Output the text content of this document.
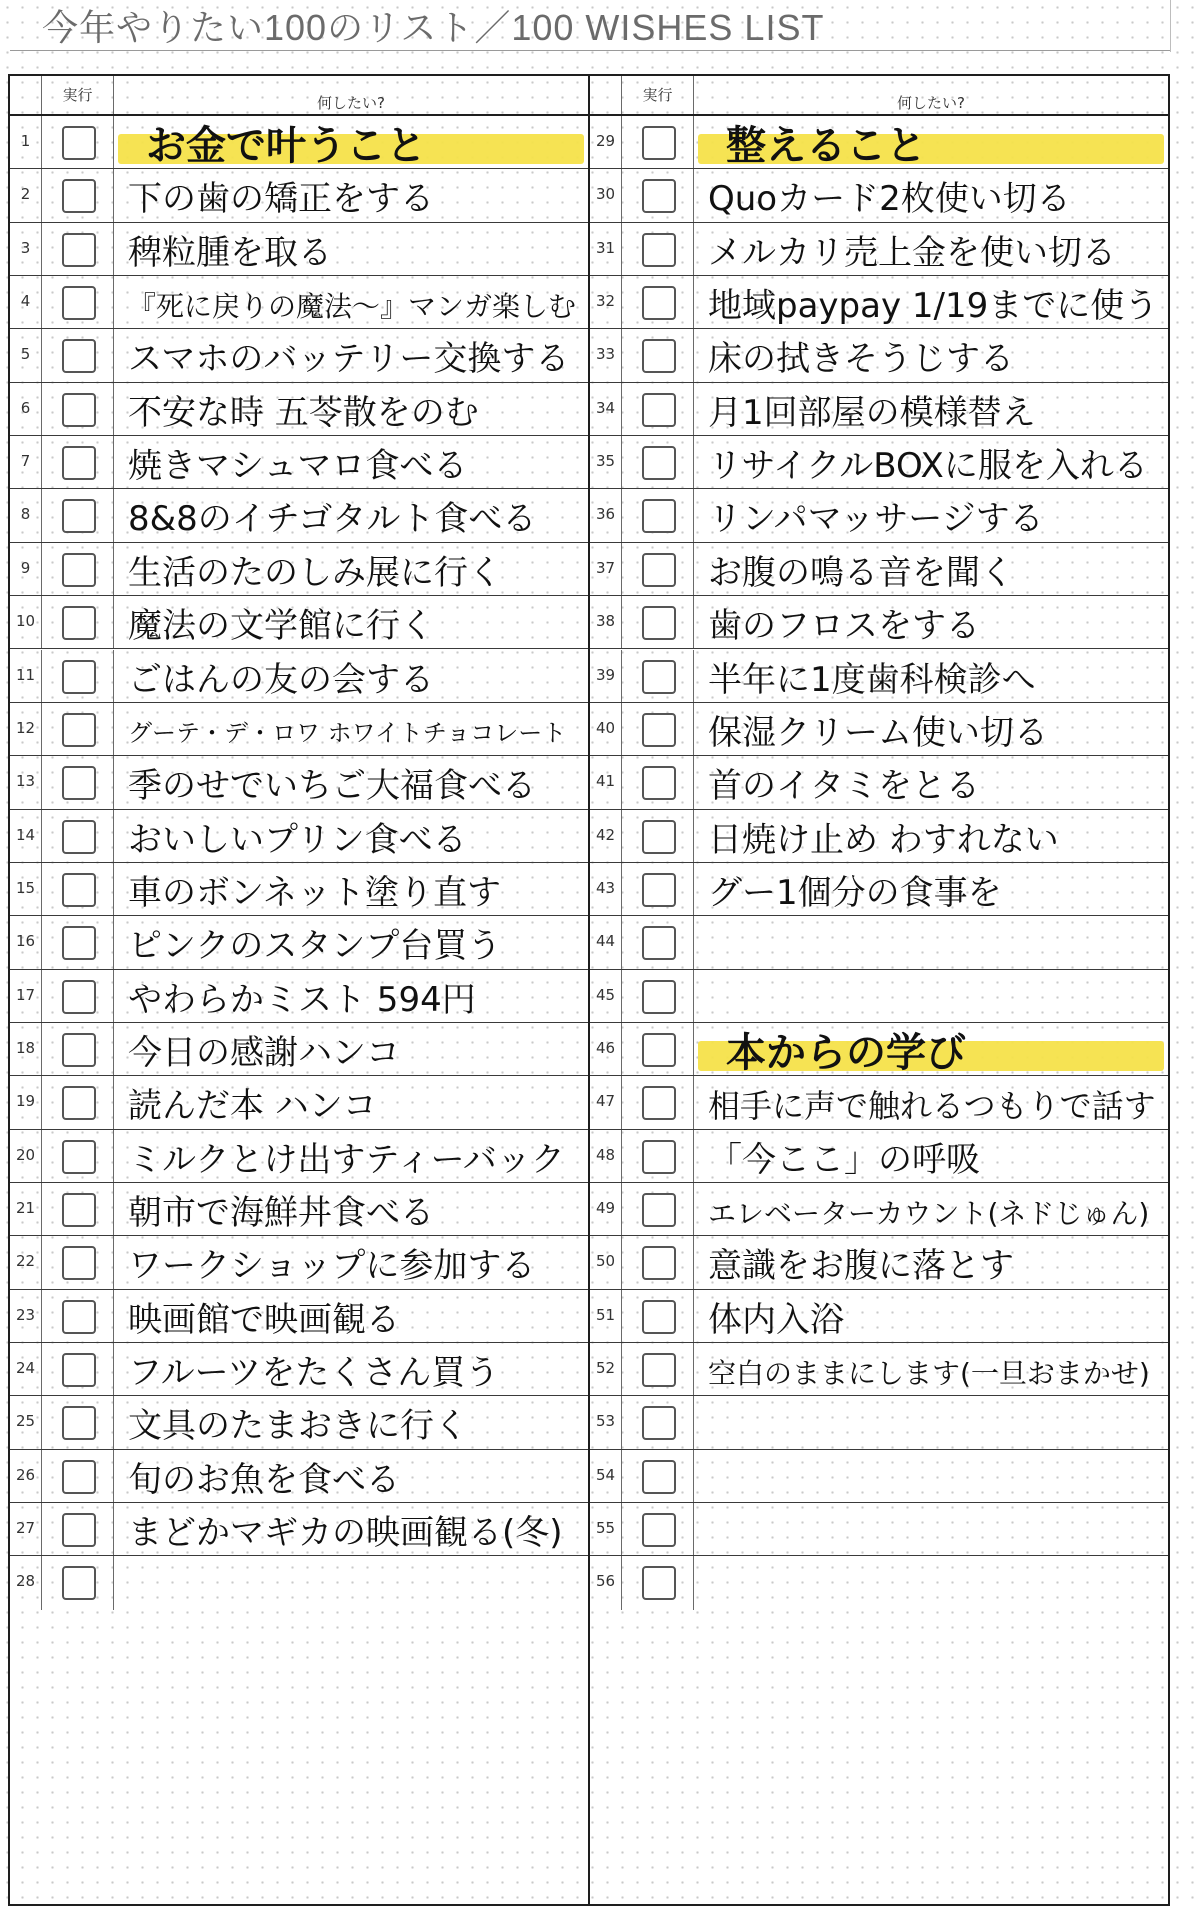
今年やりたい100のリスト／100 WISHES LIST
実行	何したい?
1	お金で叶うこと
2	下の歯の矯正をする
3	稗粒腫を取る
4	『死に戻りの魔法〜』マンガ楽しむ
5	スマホのバッテリー交換する
6	不安な時 五苓散をのむ
7	焼きマシュマロ食べる
8	8&8のイチゴタルト食べる
9	生活のたのしみ展に行く
10	魔法の文学館に行く
11	ごはんの友の会する
12	グーテ・デ・ロワ ホワイトチョコレート
13	季のせでいちご大福食べる
14	おいしいプリン食べる
15	車のボンネット塗り直す
16	ピンクのスタンプ台買う
17	やわらかミスト 594円
18	今日の感謝ハンコ
19	読んだ本 ハンコ
20	ミルクとけ出すティーバック
21	朝市で海鮮丼食べる
22	ワークショップに参加する
23	映画館で映画観る
24	フルーツをたくさん買う
25	文具のたまおきに行く
26	旬のお魚を食べる
27	まどかマギカの映画観る(冬)
28
実行	何したい?
29	整えること
30	Quoカード2枚使い切る
31	メルカリ売上金を使い切る
32	地域paypay 1/19までに使う
33	床の拭きそうじする
34	月1回部屋の模様替え
35	リサイクルBOXに服を入れる
36	リンパマッサージする
37	お腹の鳴る音を聞く
38	歯のフロスをする
39	半年に1度歯科検診へ
40	保湿クリーム使い切る
41	首のイタミをとる
42	日焼け止め わすれない
43	グー1個分の食事を
44
45
46	本からの学び
47	相手に声で触れるつもりで話す
48	「今ここ」の呼吸
49	エレベーターカウント(ネドじゅん)
50	意識をお腹に落とす
51	体内入浴
52	空白のままにします(一旦おまかせ)
53
54
55
56
